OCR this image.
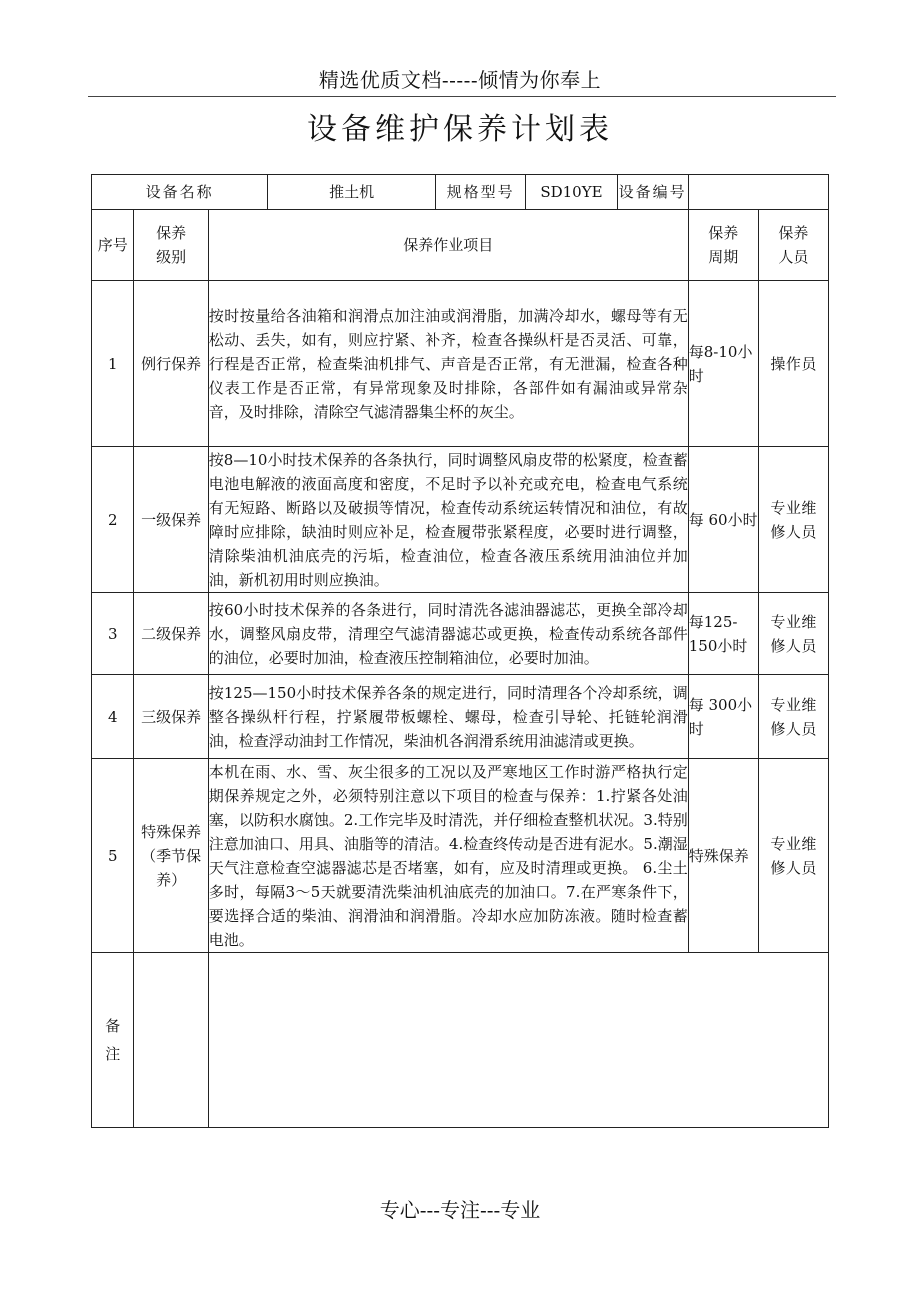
精选优质文档-----倾情为你奉上
设备维护保养计划表
设备名称			推土机	规格型号	SD10YE	设备编号		
序号	保养级别	保养作业项目					保养周期	保养人员
1	例行保养	按时按量给各油箱和润滑点加注油或润滑脂，加满冷却水，螺母等有无松动、丢失，如有，则应拧紧、补齐，检查各操纵杆是否灵活、可靠，行程是否正常，检查柴油机排气、声音是否正常，有无泄漏，检查各种仪表工作是否正常，有异常现象及时排除，各部件如有漏油或异常杂音，及时排除，清除空气滤清器集尘杯的灰尘。					每8-10小时	操作员
2	一级保养	按8—10小时技术保养的各条执行，同时调整风扇皮带的松紧度，检查蓄电池电解液的液面高度和密度，不足时予以补充或充电，检查电气系统有无短路、断路以及破损等情况，检查传动系统运转情况和油位，有故障时应排除，缺油时则应补足，检查履带张紧程度，必要时进行调整，清除柴油机油底壳的污垢，检查油位，检查各液压系统用油油位并加油，新机初用时则应换油。					每 60小时	专业维修人员
3	二级保养	按60小时技术保养的各条进行，同时清洗各滤油器滤芯，更换全部冷却水，调整风扇皮带，清理空气滤清器滤芯或更换，检查传动系统各部件的油位，必要时加油，检查液压控制箱油位，必要时加油。					每125-150小时	专业维修人员
4	三级保养	按125—150小时技术保养各条的规定进行，同时清理各个冷却系统，调整各操纵杆行程，拧紧履带板螺栓、螺母，检查引导轮、托链轮润滑油，检查浮动油封工作情况，柴油机各润滑系统用油滤清或更换。					每 300小时	专业维修人员
5	特殊保养（季节保养）	本机在雨、水、雪、灰尘很多的工况以及严寒地区工作时游严格执行定期保养规定之外，必须特别注意以下项目的检查与保养：1.拧紧各处油塞，以防积水腐蚀。2.工作完毕及时清洗，并仔细检查整机状况。3.特别注意加油口、用具、油脂等的清洁。4.检查终传动是否进有泥水。5.潮湿天气注意检查空滤器滤芯是否堵塞，如有，应及时清理或更换。 6.尘土多时，每隔3～5天就要清洗柴油机油底壳的加油口。7.在严寒条件下，要选择合适的柴油、润滑油和润滑脂。冷却水应加防冻液。随时检查蓄电池。					特殊保养	专业维修人员
备注								
专心---专注---专业
